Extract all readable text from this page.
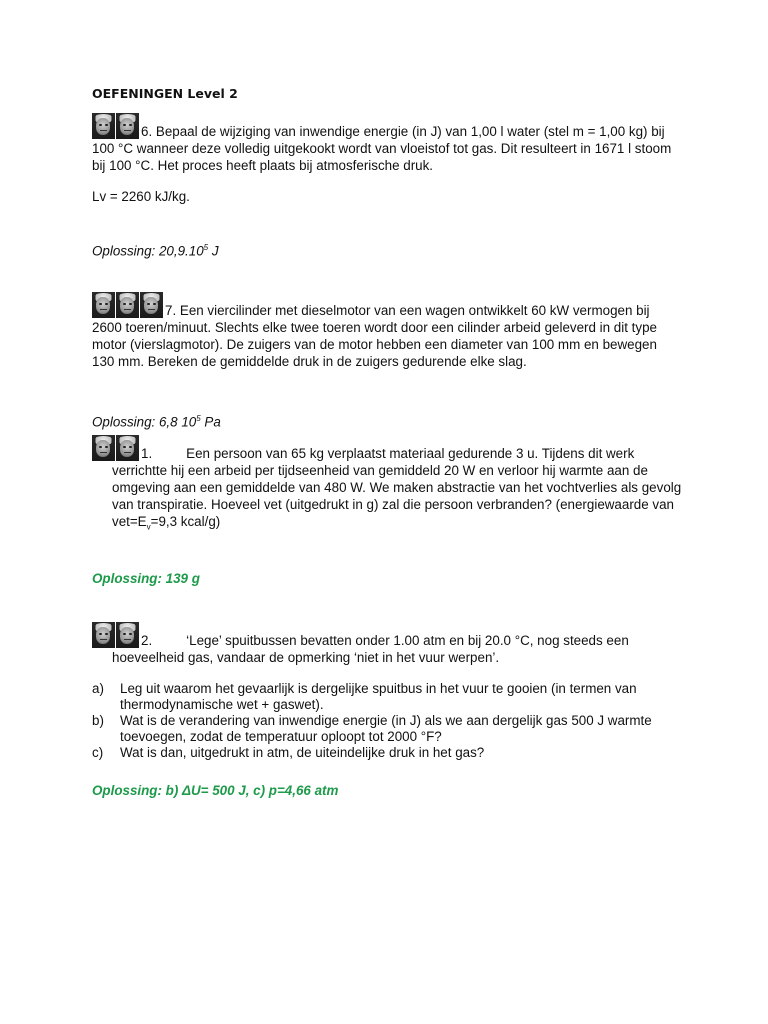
OEFENINGEN Level 2
6. Bepaal de wijziging van inwendige energie (in J) van 1,00 l water (stel m = 1,00 kg) bij 100 °C wanneer deze volledig uitgekookt wordt van vloeistof tot gas. Dit resulteert in 1671 l stoom bij 100 °C. Het proces heeft plaats bij atmosferische druk.
Lv = 2260 kJ/kg.
Oplossing: 20,9.10$^5$ J
7. Een viercilinder met dieselmotor van een wagen ontwikkelt 60 kW vermogen bij 2600 toeren/minuut. Slechts elke twee toeren wordt door een cilinder arbeid geleverd in dit type motor (vierslagmotor). De zuigers van de motor hebben een diameter van 100 mm en bewegen 130 mm. Bereken de gemiddelde druk in de zuigers gedurende elke slag.
Oplossing: 6,8 $10^5$ Pa
1.	Een persoon van 65 kg verplaatst materiaal gedurende 3 u. Tijdens dit werk
verrichtte hij een arbeid per tijdseenheid van gemiddeld 20 W en verloor hij warmte aan de omgeving aan een gemiddelde van 480 W. We maken abstractie van het vochtverlies als gevolg van transpiratie. Hoeveel vet (uitgedrukt in g) zal die persoon verbranden? (energiewaarde van $vet=E_v=9,3$ kcal/g)
Oplossing: 139 g
2.	‘Lege’ spuitbussen bevatten onder 1.00 atm en bij 20.0 °C, nog steeds een
hoeveelheid gas, vandaar de opmerking ‘niet in het vuur werpen’.
a) Leg uit waarom het gevaarlijk is dergelijke spuitbus in het vuur te gooien (in termen van thermodynamische wet + gaswet).
b) Wat is de verandering van inwendige energie (in J) als we aan dergelijk gas 500 J warmte toevoegen, zodat de temperatuur oploopt tot 2000 °F?
c) Wat is dan, uitgedrukt in atm, de uiteindelijke druk in het gas?
Oplossing: b) ΔU= 500 J, c) p=4,66 atm
